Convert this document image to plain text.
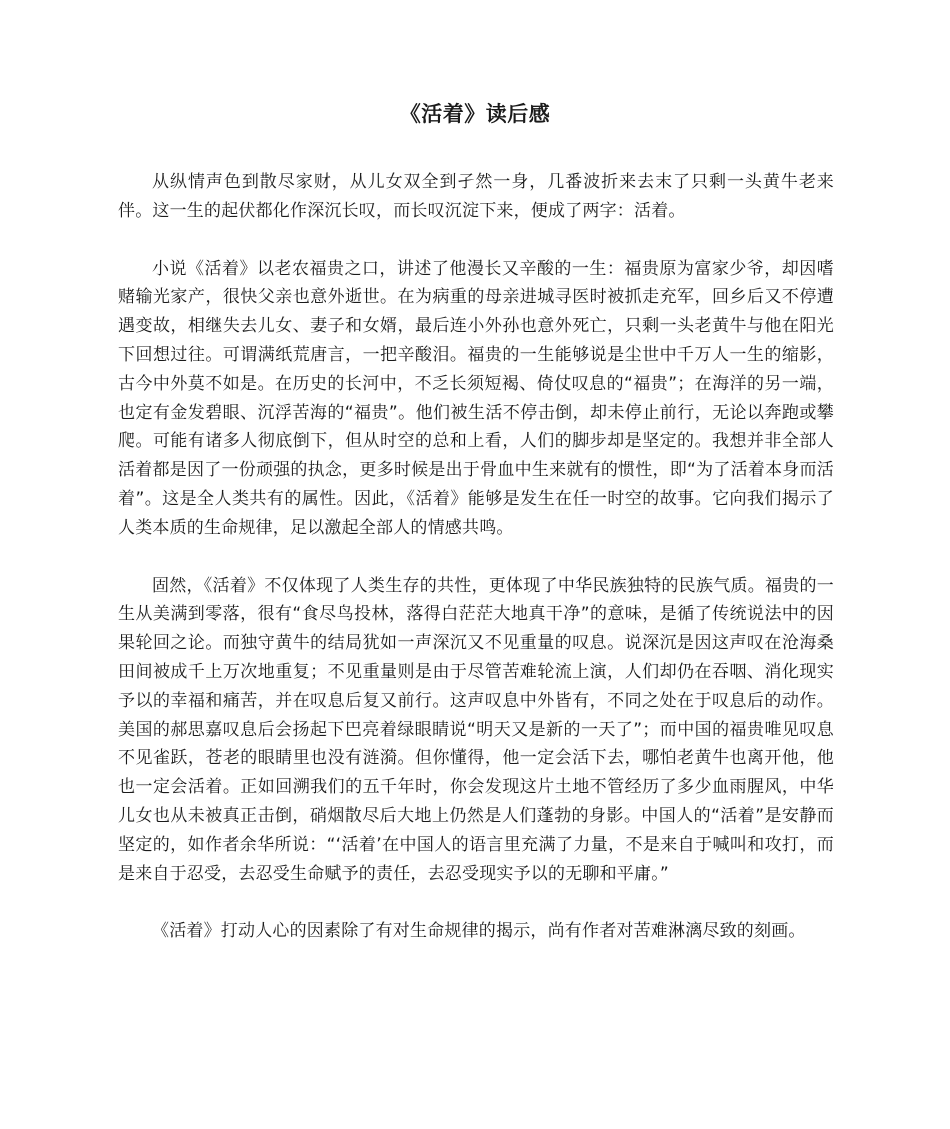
《活着》读后感

从纵情声色到散尽家财，从儿女双全到孑然一身，几番波折来去末了只剩一头黄牛老来伴。这一生的起伏都化作深沉长叹，而长叹沉淀下来，便成了两字：活着。

小说《活着》以老农福贵之口，讲述了他漫长又辛酸的一生：福贵原为富家少爷，却因嗜赌输光家产，很快父亲也意外逝世。在为病重的母亲进城寻医时被抓走充军，回乡后又不停遭遇变故，相继失去儿女、妻子和女婿，最后连小外孙也意外死亡，只剩一头老黄牛与他在阳光下回想过往。可谓满纸荒唐言，一把辛酸泪。福贵的一生能够说是尘世中千万人一生的缩影，古今中外莫不如是。在历史的长河中，不乏长须短褐、倚仗叹息的“福贵”；在海洋的另一端，也定有金发碧眼、沉浮苦海的“福贵”。他们被生活不停击倒，却未停止前行，无论以奔跑或攀爬。可能有诸多人彻底倒下，但从时空的总和上看，人们的脚步却是坚定的。我想并非全部人活着都是因了一份顽强的执念，更多时候是出于骨血中生来就有的惯性，即“为了活着本身而活着”。这是全人类共有的属性。因此，《活着》能够是发生在任一时空的故事。它向我们揭示了人类本质的生命规律，足以激起全部人的情感共鸣。

固然，《活着》不仅体现了人类生存的共性，更体现了中华民族独特的民族气质。福贵的一生从美满到零落，很有“食尽鸟投林，落得白茫茫大地真干净”的意味，是循了传统说法中的因果轮回之论。而独守黄牛的结局犹如一声深沉又不见重量的叹息。说深沉是因这声叹在沧海桑田间被成千上万次地重复；不见重量则是由于尽管苦难轮流上演，人们却仍在吞咽、消化现实予以的幸福和痛苦，并在叹息后复又前行。这声叹息中外皆有，不同之处在于叹息后的动作。美国的郝思嘉叹息后会扬起下巴亮着绿眼睛说“明天又是新的一天了”；而中国的福贵唯见叹息不见雀跃，苍老的眼睛里也没有涟漪。但你懂得，他一定会活下去，哪怕老黄牛也离开他，他也一定会活着。正如回溯我们的五千年时，你会发现这片土地不管经历了多少血雨腥风，中华儿女也从未被真正击倒，硝烟散尽后大地上仍然是人们蓬勃的身影。中国人的“活着”是安静而坚定的，如作者余华所说：“‘活着’在中国人的语言里充满了力量，不是来自于喊叫和攻打，而是来自于忍受，去忍受生命赋予的责任，去忍受现实予以的无聊和平庸。”

《活着》打动人心的因素除了有对生命规律的揭示，尚有作者对苦难淋漓尽致的刻画。
